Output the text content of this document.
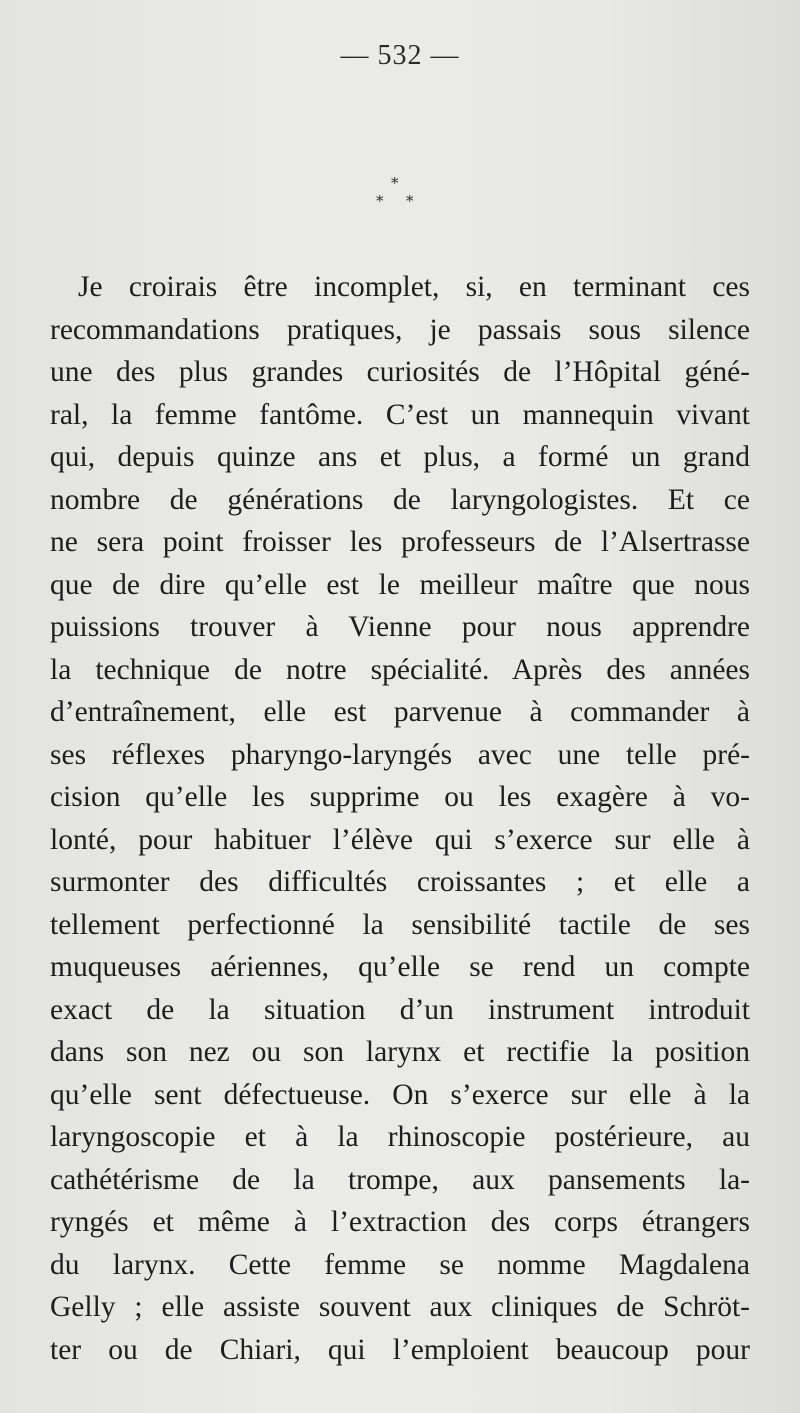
— 532 —
*
* *
Je croirais être incomplet, si, en terminant ces
recommandations pratiques, je passais sous silence
une des plus grandes curiosités de l’Hôpital géné-
ral, la femme fantôme. C’est un mannequin vivant
qui, depuis quinze ans et plus, a formé un grand
nombre de générations de laryngologistes. Et ce
ne sera point froisser les professeurs de l’Alsertrasse
que de dire qu’elle est le meilleur maître que nous
puissions trouver à Vienne pour nous apprendre
la technique de notre spécialité. Après des années
d’entraînement, elle est parvenue à commander à
ses réflexes pharyngo-laryngés avec une telle pré-
cision qu’elle les supprime ou les exagère à vo-
lonté, pour habituer l’élève qui s’exerce sur elle à
surmonter des difficultés croissantes ; et elle a
tellement perfectionné la sensibilité tactile de ses
muqueuses aériennes, qu’elle se rend un compte
exact de la situation d’un instrument introduit
dans son nez ou son larynx et rectifie la position
qu’elle sent défectueuse. On s’exerce sur elle à la
laryngoscopie et à la rhinoscopie postérieure, au
cathétérisme de la trompe, aux pansements la-
ryngés et même à l’extraction des corps étrangers
du larynx. Cette femme se nomme Magdalena
Gelly ; elle assiste souvent aux cliniques de Schröt-
ter ou de Chiari, qui l’emploient beaucoup pour
